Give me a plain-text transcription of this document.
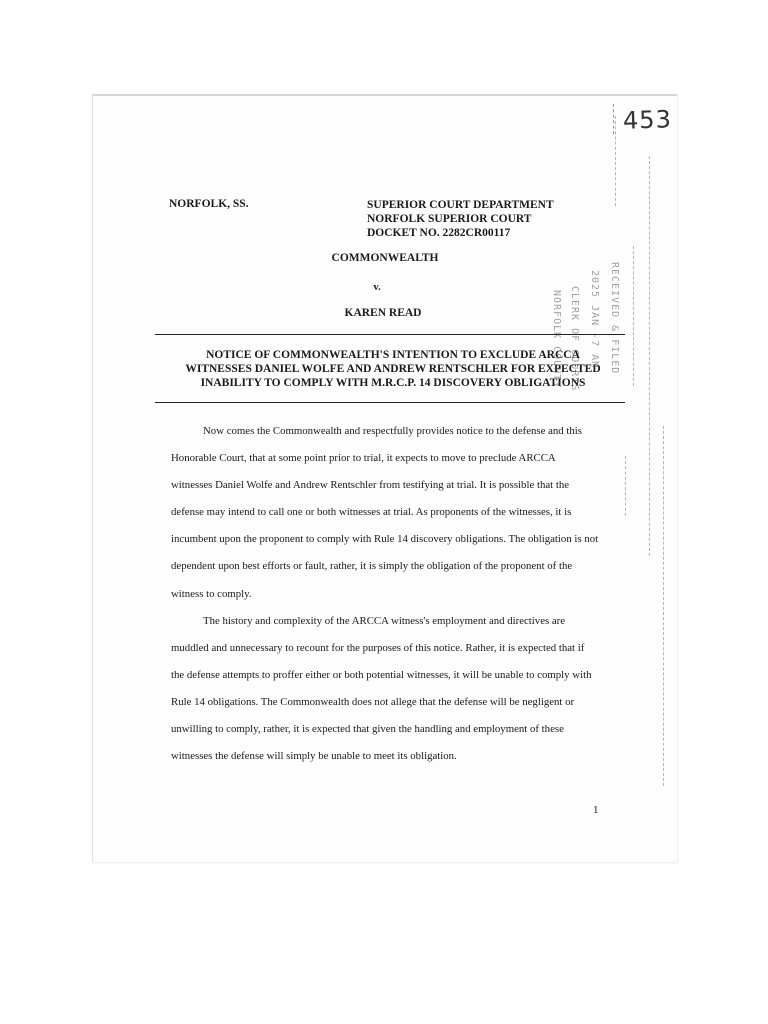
453
NORFOLK, SS.	SUPERIOR COURT DEPARTMENT
NORFOLK SUPERIOR COURT
DOCKET NO. 2282CR00117
COMMONWEALTH
v.
KAREN READ
NOTICE OF COMMONWEALTH'S INTENTION TO EXCLUDE ARCCA
WITNESSES DANIEL WOLFE AND ANDREW RENTSCHLER FOR EXPECTED
INABILITY TO COMPLY WITH M.R.C.P. 14 DISCOVERY OBLIGATIONS
RECEIVED & FILED
2025 JAN -7 AM
CLERK OF COURTS
NORFOLK COUNTY

Now comes the Commonwealth and respectfully provides notice to the defense and this Honorable Court, that at some point prior to trial, it expects to move to preclude ARCCA witnesses Daniel Wolfe and Andrew Rentschler from testifying at trial. It is possible that the defense may intend to call one or both witnesses at trial. As proponents of the witnesses, it is incumbent upon the proponent to comply with Rule 14 discovery obligations. The obligation is not dependent upon best efforts or fault, rather, it is simply the obligation of the proponent of the witness to comply.

The history and complexity of the ARCCA witness's employment and directives are muddled and unnecessary to recount for the purposes of this notice. Rather, it is expected that if the defense attempts to proffer either or both potential witnesses, it will be unable to comply with Rule 14 obligations. The Commonwealth does not allege that the defense will be negligent or unwilling to comply, rather, it is expected that given the handling and employment of these witnesses the defense will simply be unable to meet its obligation.

1
